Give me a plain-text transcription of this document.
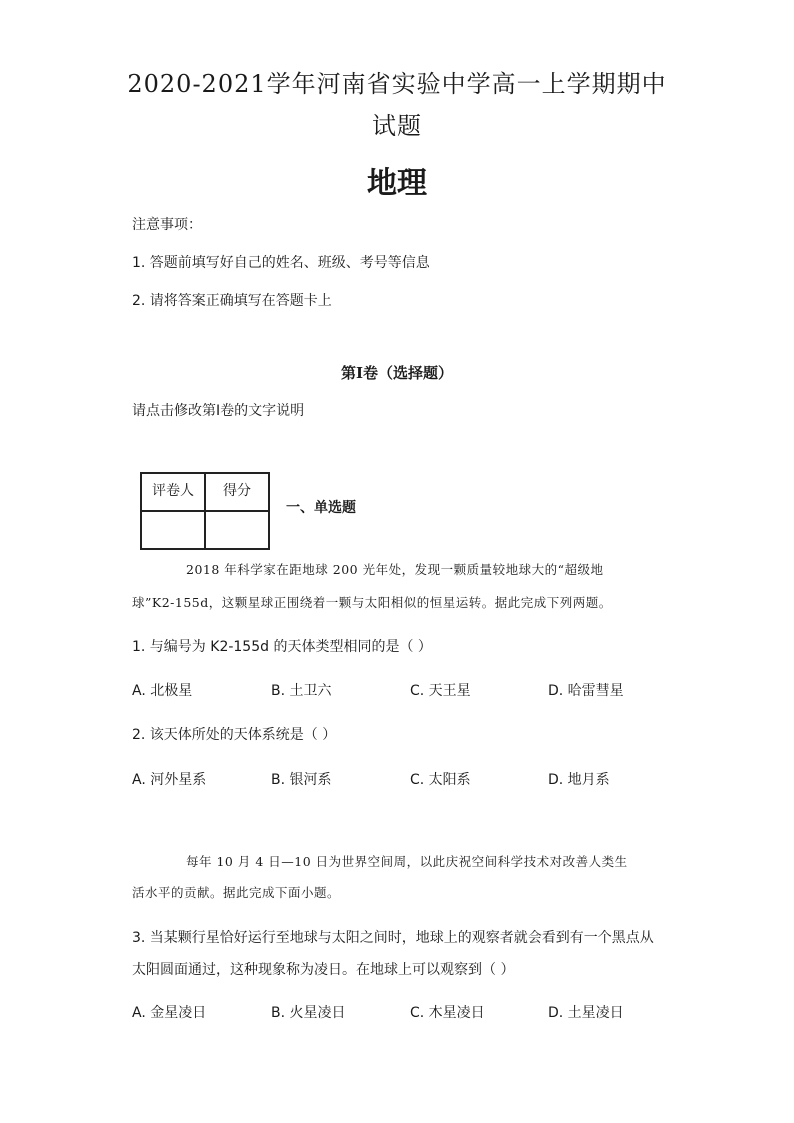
2020-2021学年河南省实验中学高一上学期期中
试题
地理
注意事项：
1. 答题前填写好自己的姓名、班级、考号等信息
2. 请将答案正确填写在答题卡上
第I卷（选择题）
请点击修改第I卷的文字说明
评卷人	得分

一、单选题
2018 年科学家在距地球 200 光年处，发现一颗质量较地球大的“超级地
球”K2-155d，这颗星球正围绕着一颗与太阳相似的恒星运转。据此完成下列两题。
1. 与编号为 K2-155d 的天体类型相同的是（ ）
A. 北极星	B. 土卫六	C. 天王星	D. 哈雷彗星
2. 该天体所处的天体系统是（ ）
A. 河外星系	B. 银河系	C. 太阳系	D. 地月系
每年 10 月 4 日—10 日为世界空间周，以此庆祝空间科学技术对改善人类生
活水平的贡献。据此完成下面小题。
3. 当某颗行星恰好运行至地球与太阳之间时，地球上的观察者就会看到有一个黑点从
太阳圆面通过，这种现象称为凌日。在地球上可以观察到（ ）
A. 金星凌日	B. 火星凌日	C. 木星凌日	D. 土星凌日
